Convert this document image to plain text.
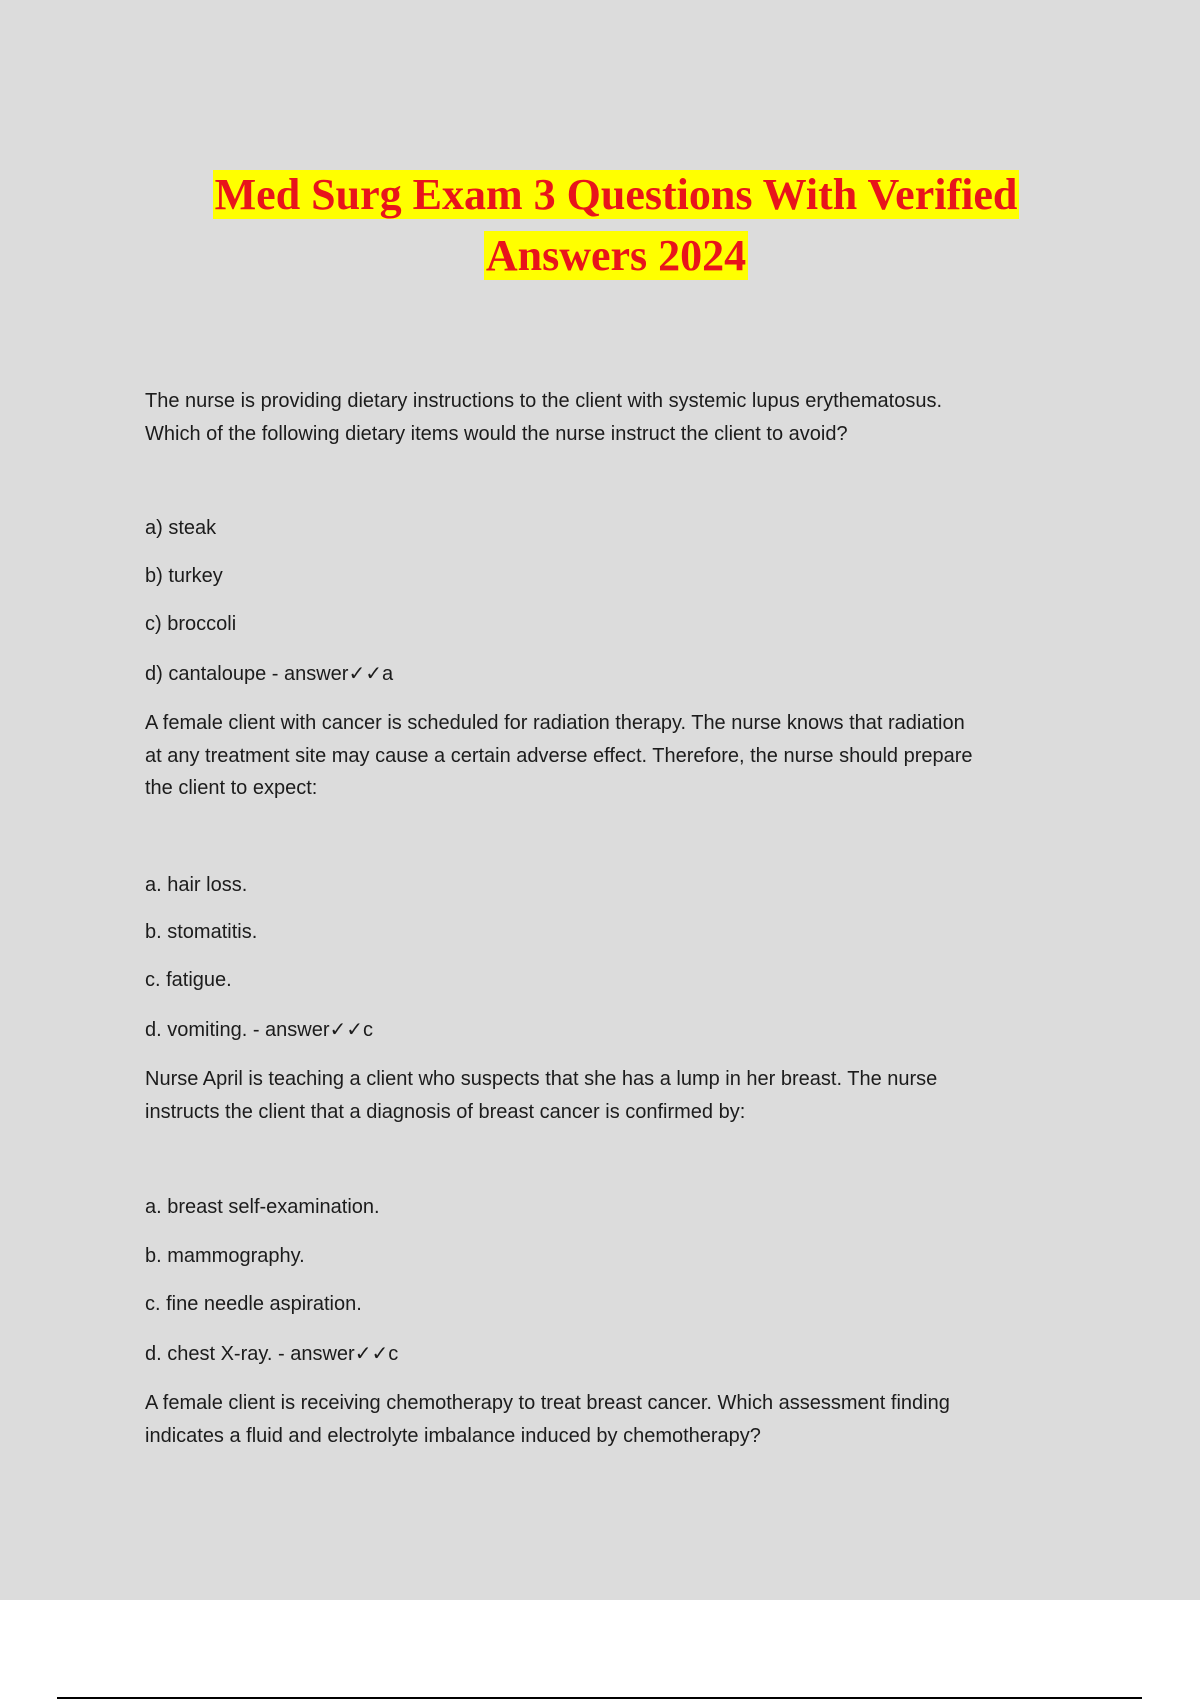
Med Surg Exam 3 Questions With Verified
Answers 2024

The nurse is providing dietary instructions to the client with systemic lupus erythematosus.
Which of the following dietary items would the nurse instruct the client to avoid?

a) steak

b) turkey

c) broccoli

d) cantaloupe - answer✓✓a

A female client with cancer is scheduled for radiation therapy. The nurse knows that radiation
at any treatment site may cause a certain adverse effect. Therefore, the nurse should prepare
the client to expect:

a. hair loss.

b. stomatitis.

c. fatigue.

d. vomiting. - answer✓✓c

Nurse April is teaching a client who suspects that she has a lump in her breast. The nurse
instructs the client that a diagnosis of breast cancer is confirmed by:

a. breast self-examination.

b. mammography.

c. fine needle aspiration.

d. chest X-ray. - answer✓✓c

A female client is receiving chemotherapy to treat breast cancer. Which assessment finding
indicates a fluid and electrolyte imbalance induced by chemotherapy?
